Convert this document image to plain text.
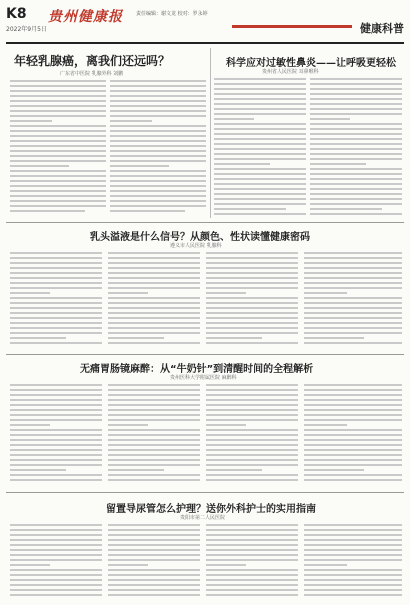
K8
2022年9月5日
贵州健康报	责任编辑：谢文龙 校对：罗永婷
健康科普
年轻乳腺癌，离我们还远吗？
广东省中医院 乳腺外科 刘鹏
科学应对过敏性鼻炎——让呼吸更轻松
贵州省人民医院 耳鼻喉科
乳头溢液是什么信号？从颜色、性状读懂健康密码
遵义市人民医院 乳腺科
无痛胃肠镜麻醉：从“牛奶针”到清醒时间的全程解析
贵州医科大学附属医院 麻醉科
留置导尿管怎么护理？送你外科护士的实用指南
贵阳市第二人民医院
